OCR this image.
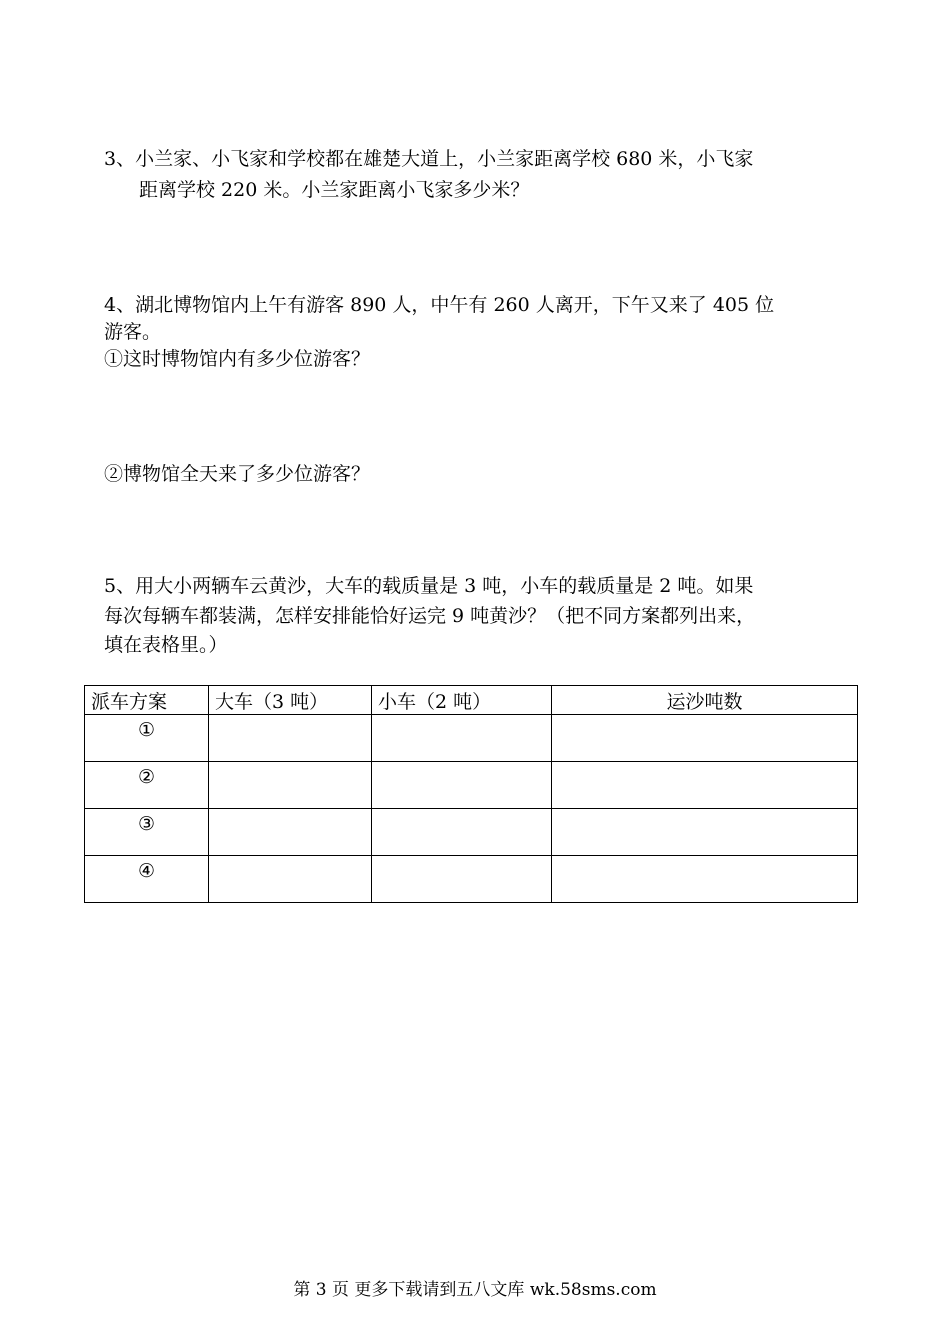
3、小兰家、小飞家和学校都在雄楚大道上，小兰家距离学校 680 米，小飞家
距离学校 220 米。小兰家距离小飞家多少米？
4、湖北博物馆内上午有游客 890 人，中午有 260 人离开，下午又来了 405 位
游客。
①这时博物馆内有多少位游客？
②博物馆全天来了多少位游客？
5、用大小两辆车云黄沙，大车的载质量是 3 吨，小车的载质量是 2 吨。如果
每次每辆车都装满，怎样安排能恰好运完 9 吨黄沙？（把不同方案都列出来，
填在表格里。）
派车方案	大车（3 吨）	小车（2 吨）	运沙吨数
①			
②			
③			
④			
第 3 页 更多下载请到五八文库 wk.58sms.com
